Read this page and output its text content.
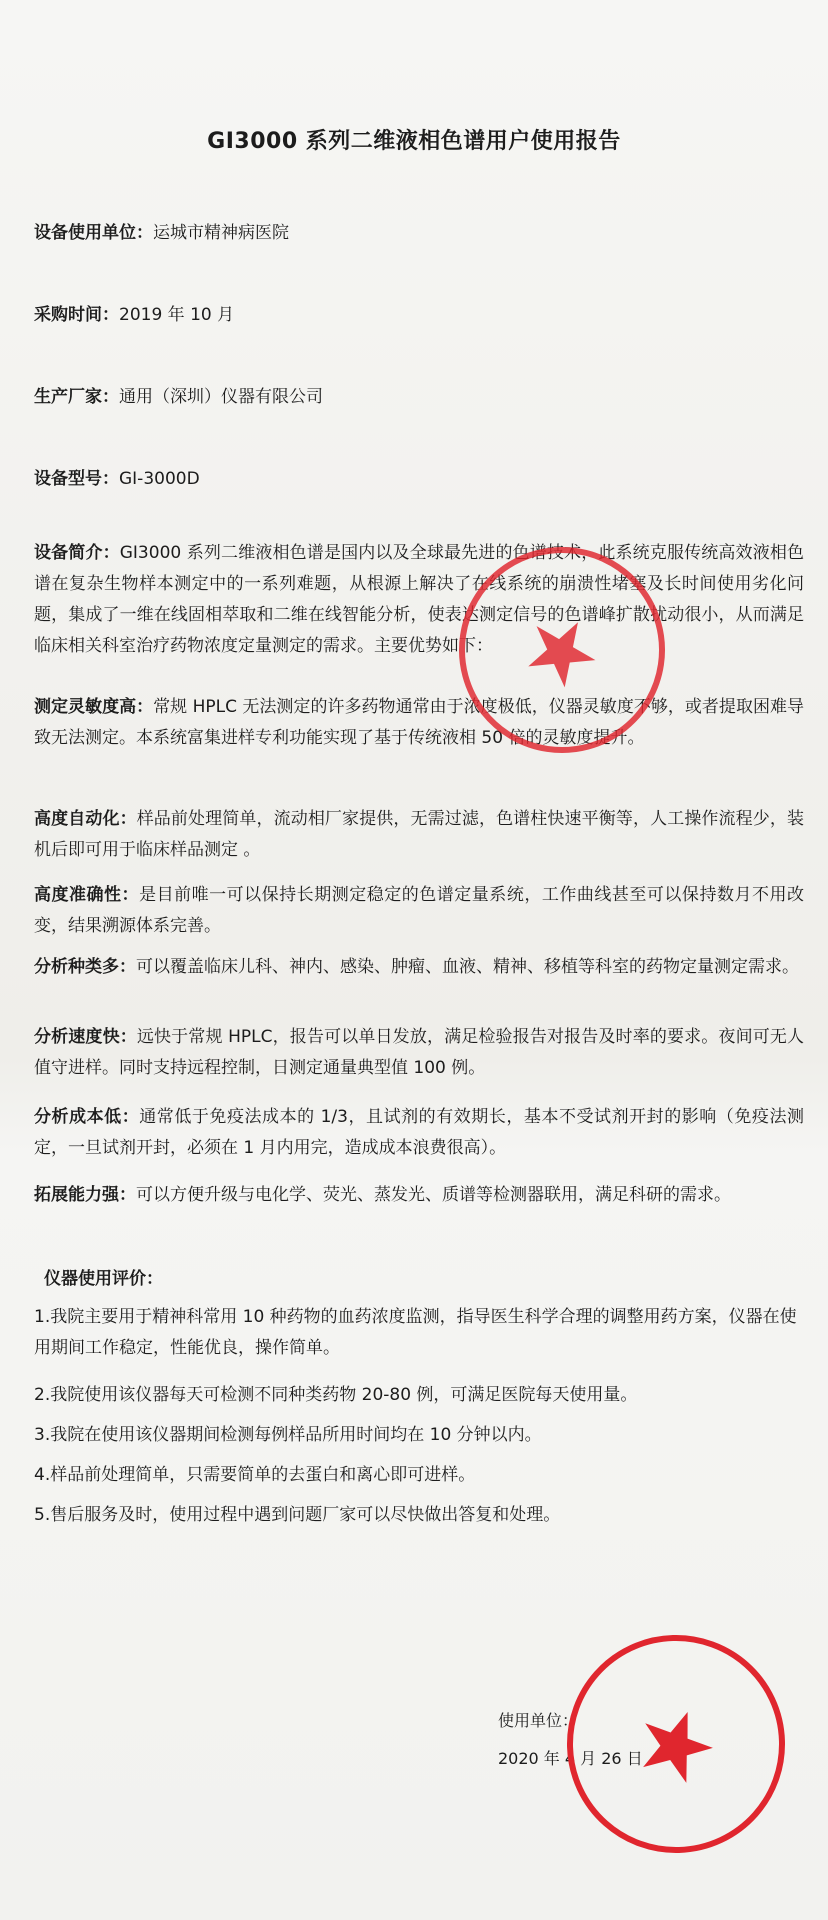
GI3000 系列二维液相色谱用户使用报告
设备使用单位：运城市精神病医院
采购时间：2019 年 10 月
生产厂家：通用（深圳）仪器有限公司
设备型号：GI-3000D
设备简介：GI3000 系列二维液相色谱是国内以及全球最先进的色谱技术，此系统克服传统高效液相色谱在复杂生物样本测定中的一系列难题，从根源上解决了在线系统的崩溃性堵塞及长时间使用劣化问题，集成了一维在线固相萃取和二维在线智能分析，使表达测定信号的色谱峰扩散扰动很小，从而满足临床相关科室治疗药物浓度定量测定的需求。主要优势如下：
测定灵敏度高：常规 HPLC 无法测定的许多药物通常由于浓度极低，仪器灵敏度不够，或者提取困难导致无法测定。本系统富集进样专利功能实现了基于传统液相 50 倍的灵敏度提升。
高度自动化：样品前处理简单，流动相厂家提供，无需过滤，色谱柱快速平衡等，人工操作流程少，装机后即可用于临床样品测定 。
高度准确性：是目前唯一可以保持长期测定稳定的色谱定量系统，工作曲线甚至可以保持数月不用改变，结果溯源体系完善。
分析种类多：可以覆盖临床儿科、神内、感染、肿瘤、血液、精神、移植等科室的药物定量测定需求。
分析速度快：远快于常规 HPLC，报告可以单日发放，满足检验报告对报告及时率的要求。夜间可无人值守进样。同时支持远程控制，日测定通量典型值 100 例。
分析成本低：通常低于免疫法成本的 1/3，且试剂的有效期长，基本不受试剂开封的影响（免疫法测定，一旦试剂开封，必须在 1 月内用完，造成成本浪费很高）。
拓展能力强：可以方便升级与电化学、荧光、蒸发光、质谱等检测器联用，满足科研的需求。
仪器使用评价：
1.我院主要用于精神科常用 10 种药物的血药浓度监测，指导医生科学合理的调整用药方案，仪器在使用期间工作稳定，性能优良，操作简单。
2.我院使用该仪器每天可检测不同种类药物 20-80 例，可满足医院每天使用量。
3.我院在使用该仪器期间检测每例样品所用时间均在 10 分钟以内。
4.样品前处理简单，只需要简单的去蛋白和离心即可进样。
5.售后服务及时，使用过程中遇到问题厂家可以尽快做出答复和处理。
使用单位：
2020 年 4 月 26 日
